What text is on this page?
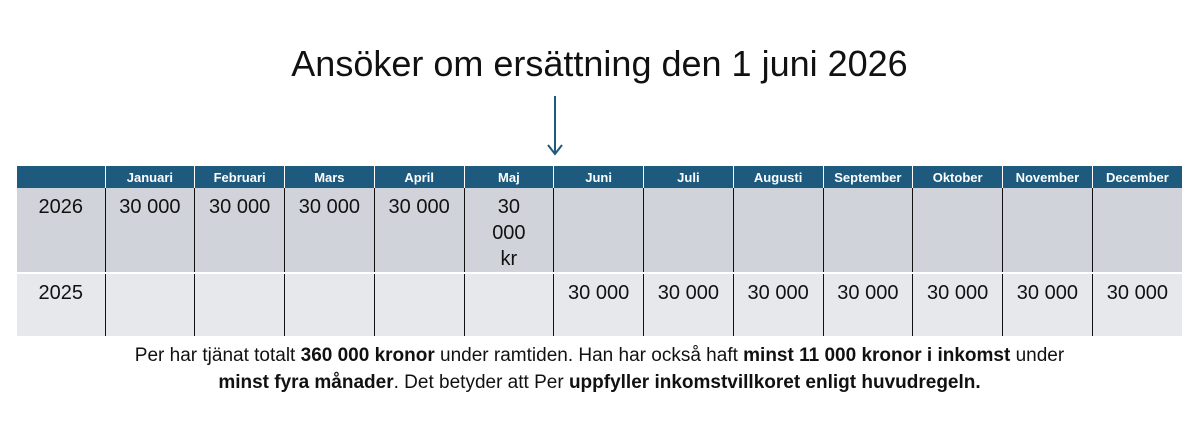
Ansöker om ersättning den 1 juni 2026
	Januari	Februari	Mars	April	Maj	Juni	Juli	Augusti	September	Oktober	November	December
2026	30 000	30 000	30 000	30 000	30 000 kr							
2025						30 000	30 000	30 000	30 000	30 000	30 000	30 000
Per har tjänat totalt 360 000 kronor under ramtiden. Han har också haft minst 11 000 kronor i inkomst under
minst fyra månader. Det betyder att Per uppfyller inkomstvillkoret enligt huvudregeln.
